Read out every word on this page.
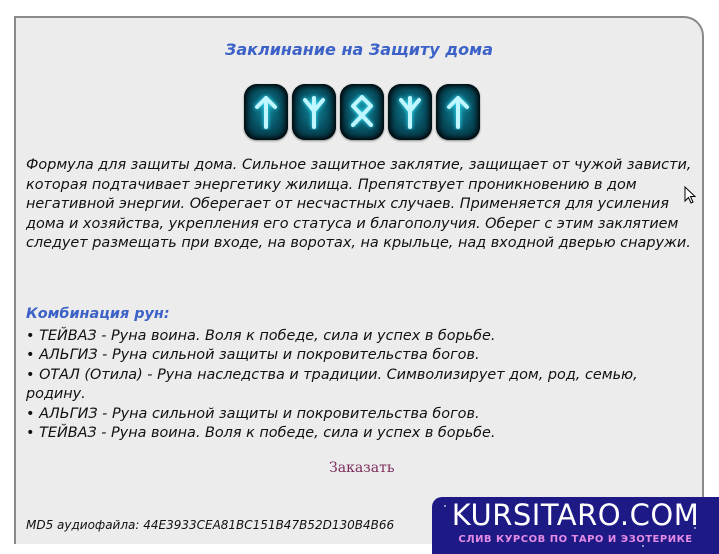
Заклинание на Защиту дома

Формула для защиты дома. Сильное защитное заклятие, защищает от чужой зависти, которая подтачивает энергетику жилища. Препятствует проникновению в дом негативной энергии. Оберегает от несчастных случаев. Применяется для усиления дома и хозяйства, укрепления его статуса и благополучия. Оберег с этим заклятием следует размещать при входе, на воротах, на крыльце, над входной дверью снаружи.

Комбинация рун:

• ТЕЙВАЗ - Руна воина. Воля к победе, сила и успех в борьбе.
• АЛЬГИЗ - Руна сильной защиты и покровительства богов.
• ОТАЛ (Отила) - Руна наследства и традиции. Символизирует дом, род, семью, родину.
• АЛЬГИЗ - Руна сильной защиты и покровительства богов.
• ТЕЙВАЗ - Руна воина. Воля к победе, сила и успех в борьбе.
Заказать
MD5 аудиофайла: 44E3933CEA81BC151B47B52D130B4B66	KURSITARO.COM
СЛИВ КУРСОВ ПО ТАРО И ЭЗОТЕРИКЕ
